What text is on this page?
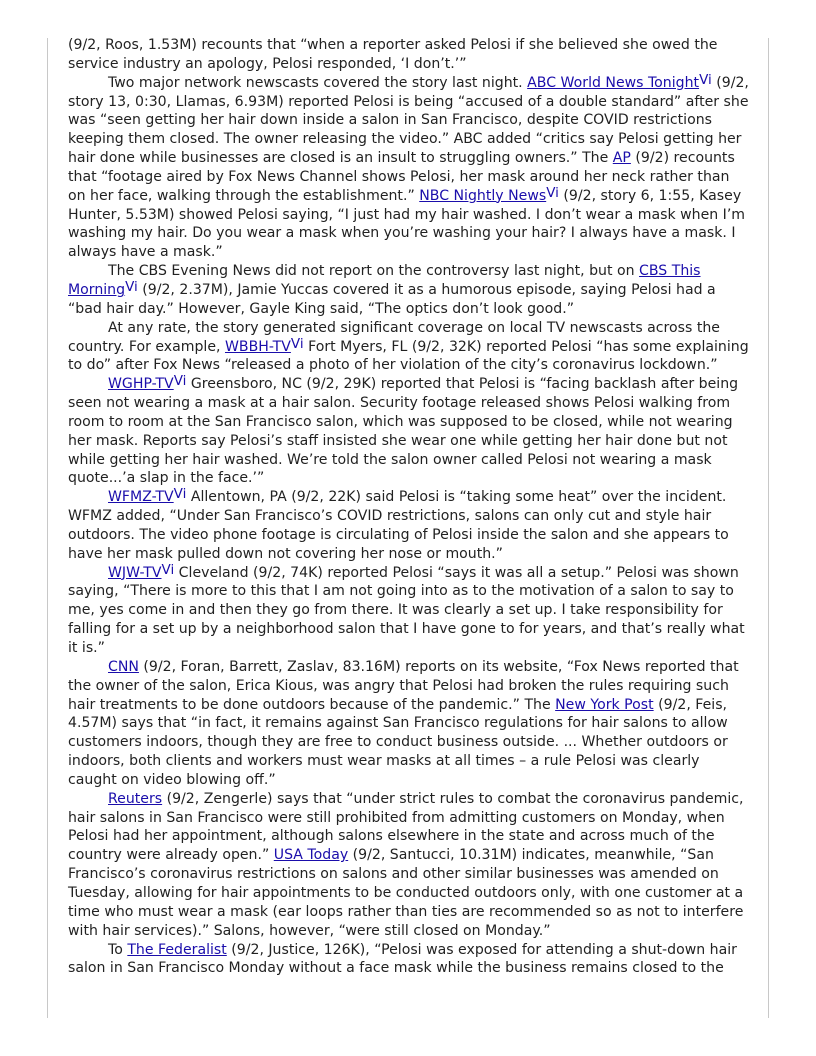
(9/2, Roos, 1.53M) recounts that “when a reporter asked Pelosi if she believed she owed the service industry an apology, Pelosi responded, ‘I don’t.’”

Two major network newscasts covered the story last night. ABC World News TonightVi (9/2, story 13, 0:30, Llamas, 6.93M) reported Pelosi is being “accused of a double standard” after she was “seen getting her hair down inside a salon in San Francisco, despite COVID restrictions keeping them closed. The owner releasing the video.” ABC added “critics say Pelosi getting her hair done while businesses are closed is an insult to struggling owners.” The AP (9/2) recounts that “footage aired by Fox News Channel shows Pelosi, her mask around her neck rather than on her face, walking through the establishment.” NBC Nightly NewsVi (9/2, story 6, 1:55, Kasey Hunter, 5.53M) showed Pelosi saying, “I just had my hair washed. I don’t wear a mask when I’m washing my hair. Do you wear a mask when you’re washing your hair? I always have a mask. I always have a mask.”

The CBS Evening News did not report on the controversy last night, but on CBS This MorningVi (9/2, 2.37M), Jamie Yuccas covered it as a humorous episode, saying Pelosi had a “bad hair day.” However, Gayle King said, “The optics don’t look good.”

At any rate, the story generated significant coverage on local TV newscasts across the country. For example, WBBH-TVVi Fort Myers, FL (9/2, 32K) reported Pelosi “has some explaining to do” after Fox News “released a photo of her violation of the city’s coronavirus lockdown.”

WGHP-TVVi Greensboro, NC (9/2, 29K) reported that Pelosi is “facing backlash after being seen not wearing a mask at a hair salon. Security footage released shows Pelosi walking from room to room at the San Francisco salon, which was supposed to be closed, while not wearing her mask. Reports say Pelosi’s staff insisted she wear one while getting her hair done but not while getting her hair washed. We’re told the salon owner called Pelosi not wearing a mask quote...’a slap in the face.’”

WFMZ-TVVi Allentown, PA (9/2, 22K) said Pelosi is “taking some heat” over the incident. WFMZ added, “Under San Francisco’s COVID restrictions, salons can only cut and style hair outdoors. The video phone footage is circulating of Pelosi inside the salon and she appears to have her mask pulled down not covering her nose or mouth.”

WJW-TVVi Cleveland (9/2, 74K) reported Pelosi “says it was all a setup.” Pelosi was shown saying, “There is more to this that I am not going into as to the motivation of a salon to say to me, yes come in and then they go from there. It was clearly a set up. I take responsibility for falling for a set up by a neighborhood salon that I have gone to for years, and that’s really what it is.”

CNN (9/2, Foran, Barrett, Zaslav, 83.16M) reports on its website, “Fox News reported that the owner of the salon, Erica Kious, was angry that Pelosi had broken the rules requiring such hair treatments to be done outdoors because of the pandemic.” The New York Post (9/2, Feis, 4.57M) says that “in fact, it remains against San Francisco regulations for hair salons to allow customers indoors, though they are free to conduct business outside. ... Whether outdoors or indoors, both clients and workers must wear masks at all times – a rule Pelosi was clearly caught on video blowing off.”

Reuters (9/2, Zengerle) says that “under strict rules to combat the coronavirus pandemic, hair salons in San Francisco were still prohibited from admitting customers on Monday, when Pelosi had her appointment, although salons elsewhere in the state and across much of the country were already open.” USA Today (9/2, Santucci, 10.31M) indicates, meanwhile, “San Francisco’s coronavirus restrictions on salons and other similar businesses was amended on Tuesday, allowing for hair appointments to be conducted outdoors only, with one customer at a time who must wear a mask (ear loops rather than ties are recommended so as not to interfere with hair services).” Salons, however, “were still closed on Monday.”

To The Federalist (9/2, Justice, 126K), “Pelosi was exposed for attending a shut-down hair salon in San Francisco Monday without a face mask while the business remains closed to the
